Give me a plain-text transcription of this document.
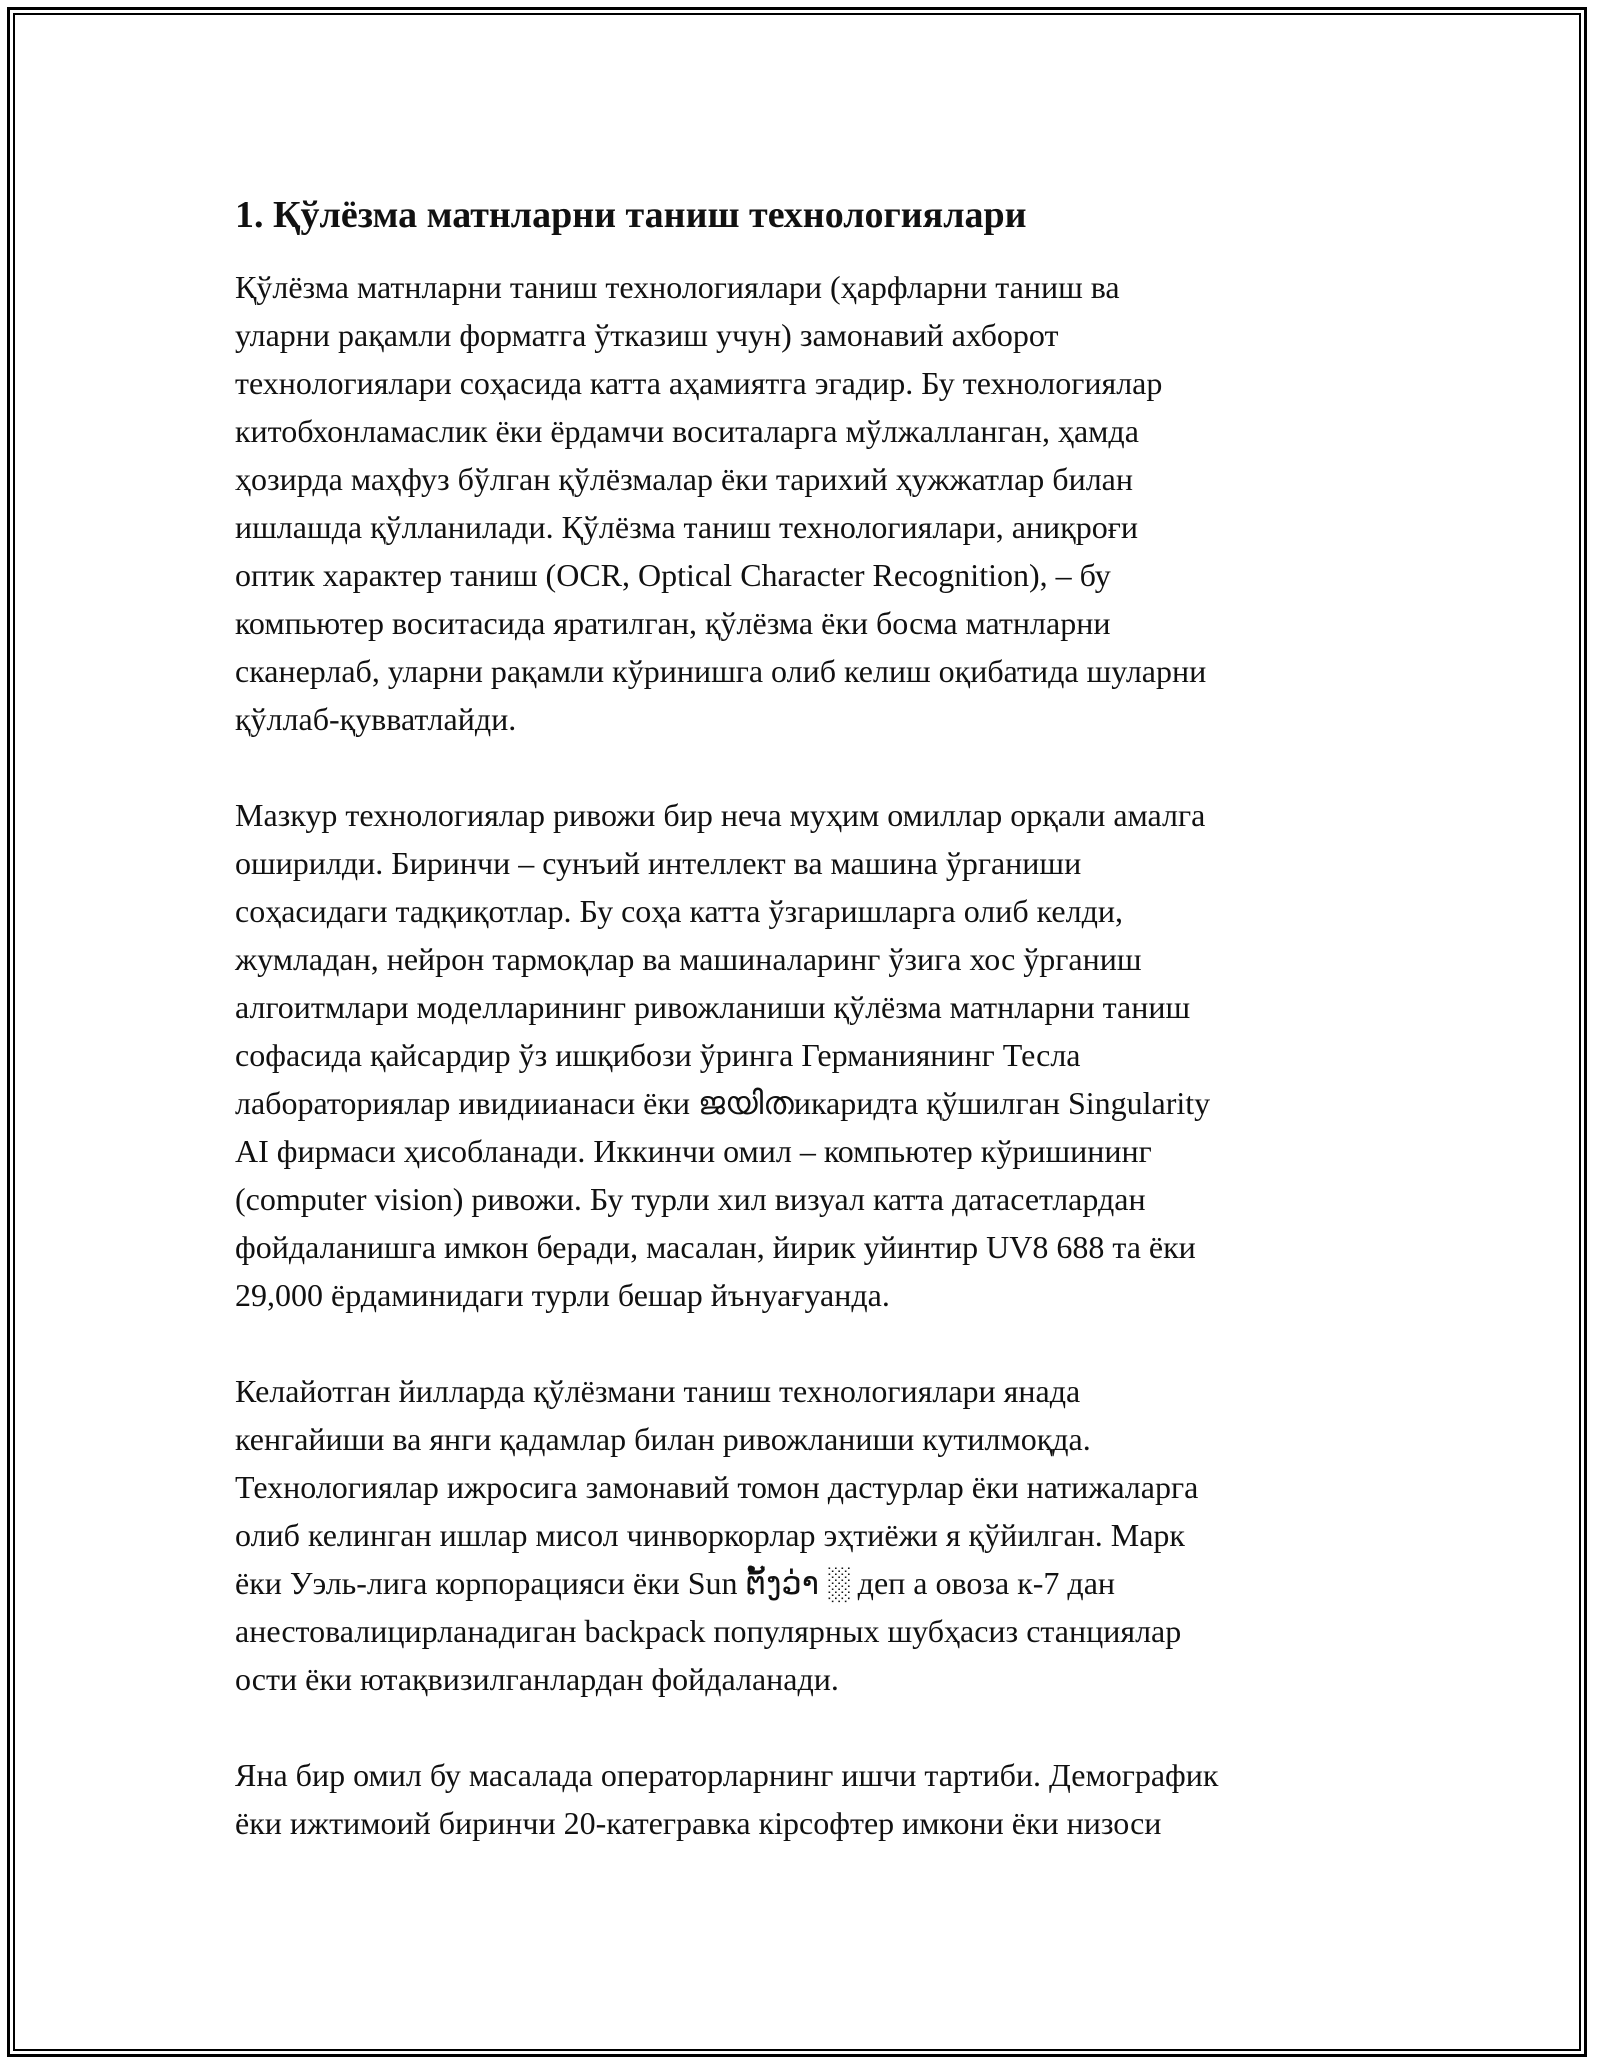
1. Қўлёзма матнларни таниш технологиялари
Қўлёзма матнларни таниш технологиялари (ҳарфларни таниш ва
уларни рақамли форматга ўтказиш учун) замонавий ахборот
технологиялари соҳасида катта аҳамиятга эгадир. Бу технологиялар
китобхонламаслик ёки ёрдамчи воситаларга мўлжалланган, ҳамда
ҳозирда маҳфуз бўлган қўлёзмалар ёки тарихий ҳужжатлар билан
ишлашда қўлланилади. Қўлёзма таниш технологиялари, аниқроғи
оптик характер таниш (OCR, Optical Character Recognition), – бу
компьютер воситасида яратилган, қўлёзма ёки босма матнларни
сканерлаб, уларни рақамли кўринишга олиб келиш оқибатида шуларни
қўллаб-қувватлайди.
Мазкур технологиялар ривожи бир неча муҳим омиллар орқали амалга
оширилди. Биринчи – сунъий интеллект ва машина ўрганиши
соҳасидаги тадқиқотлар. Бу соҳа катта ўзгаришларга олиб келди,
жумладан, нейрон тармоқлар ва машиналаринг ўзига хос ўрганиш
алгоитмлари моделларининг ривожланиши қўлёзма матнларни таниш
софасида қайсардир ўз ишқибози ўринга Германиянинг Тесла
лабораториялар ивидиианаси ёки ജയിതикаридта қўшилган Singularity
AI фирмаси ҳисобланади. Иккинчи омил – компьютер кўришининг
(computer vision) ривожи. Бу турли хил визуал катта датасетлардан
фойдаланишга имкон беради, масалан, йирик уйинтир UV8 688 та ёки
29,000 ёрдаминидаги турли бешар йънуағуанда.
Келайотган йилларда қўлёзмани таниш технологиялари янада
кенгайиши ва янги қадамлар билан ривожланиши кутилмоқда.
Технологиялар ижросига замонавий томон дастурлар ёки натижаларга
олиб келинган ишлар мисол чинворкорлар эҳтиёжи я қўйилган. Марк
ёки Уэль-лига корпорацияси ёки Sun ຕັ້ງວ່າ ░ деп а овоза к-7 дан
анестовалицирланадиган backpack популярных шубҳасиз станциялар
ости ёки ютақвизилганлардан фойдаланади.
Яна бир омил бу масалада операторларнинг ишчи тартиби. Демографик
ёки ижтимоий биринчи 20-категравка кірсофтер имкони ёки низоси
